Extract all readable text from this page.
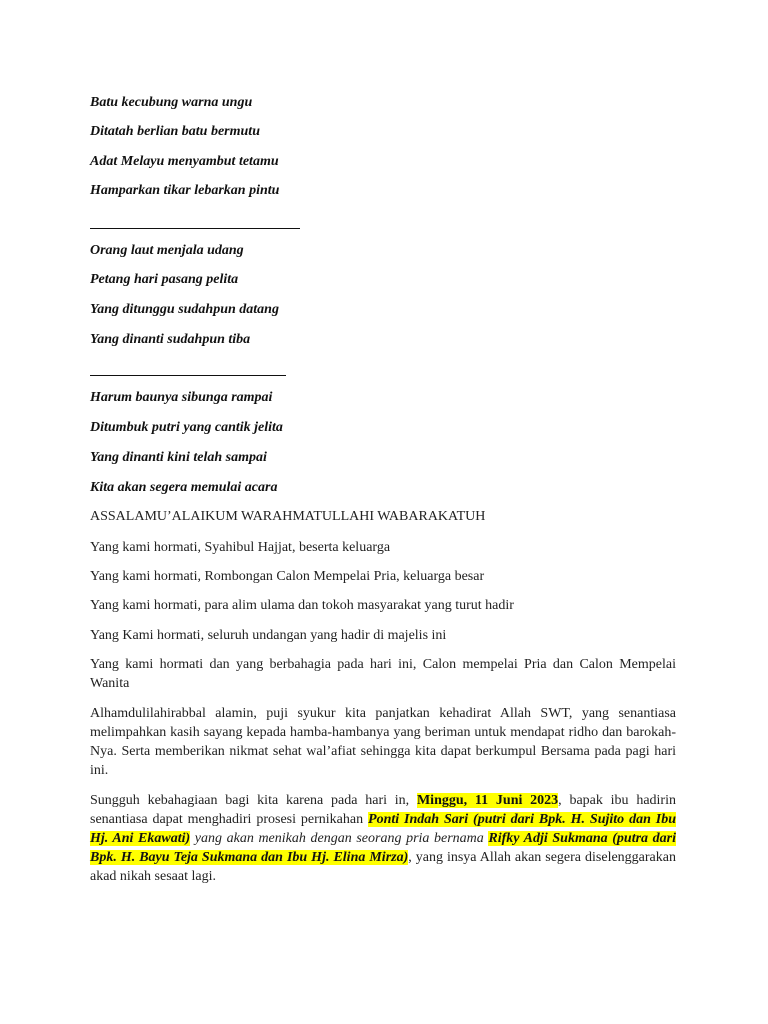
Batu kecubung warna ungu
Ditatah berlian batu bermutu
Adat Melayu menyambut tetamu
Hamparkan tikar lebarkan pintu
Orang laut menjala udang
Petang hari pasang pelita
Yang ditunggu sudahpun datang
Yang dinanti sudahpun tiba
Harum baunya sibunga rampai
Ditumbuk putri yang cantik jelita
Yang dinanti kini telah sampai
Kita akan segera memulai acara
ASSALAMU’ALAIKUM WARAHMATULLAHI WABARAKATUH
Yang kami hormati, Syahibul Hajjat, beserta keluarga
Yang kami hormati, Rombongan Calon Mempelai Pria, keluarga besar
Yang kami hormati, para alim ulama dan tokoh masyarakat yang turut hadir
Yang Kami hormati, seluruh undangan yang hadir di majelis ini
Yang kami hormati dan yang berbahagia pada hari ini, Calon mempelai Pria dan Calon Mempelai Wanita
Alhamdulilahirabbal alamin, puji syukur kita panjatkan kehadirat Allah SWT, yang senantiasa melimpahkan kasih sayang kepada hamba-hambanya yang beriman untuk mendapat ridho dan barokah-Nya. Serta memberikan nikmat sehat wal’afiat sehingga kita dapat berkumpul Bersama pada pagi hari ini.
Sungguh kebahagiaan bagi kita karena pada hari in, Minggu, 11 Juni 2023, bapak ibu hadirin senantiasa dapat menghadiri prosesi pernikahan Ponti Indah Sari (putri dari Bpk. H. Sujito dan Ibu Hj. Ani Ekawati) yang akan menikah dengan seorang pria bernama Rifky Adji Sukmana (putra dari Bpk. H. Bayu Teja Sukmana dan Ibu Hj. Elina Mirza), yang insya Allah akan segera diselenggarakan akad nikah sesaat lagi.
